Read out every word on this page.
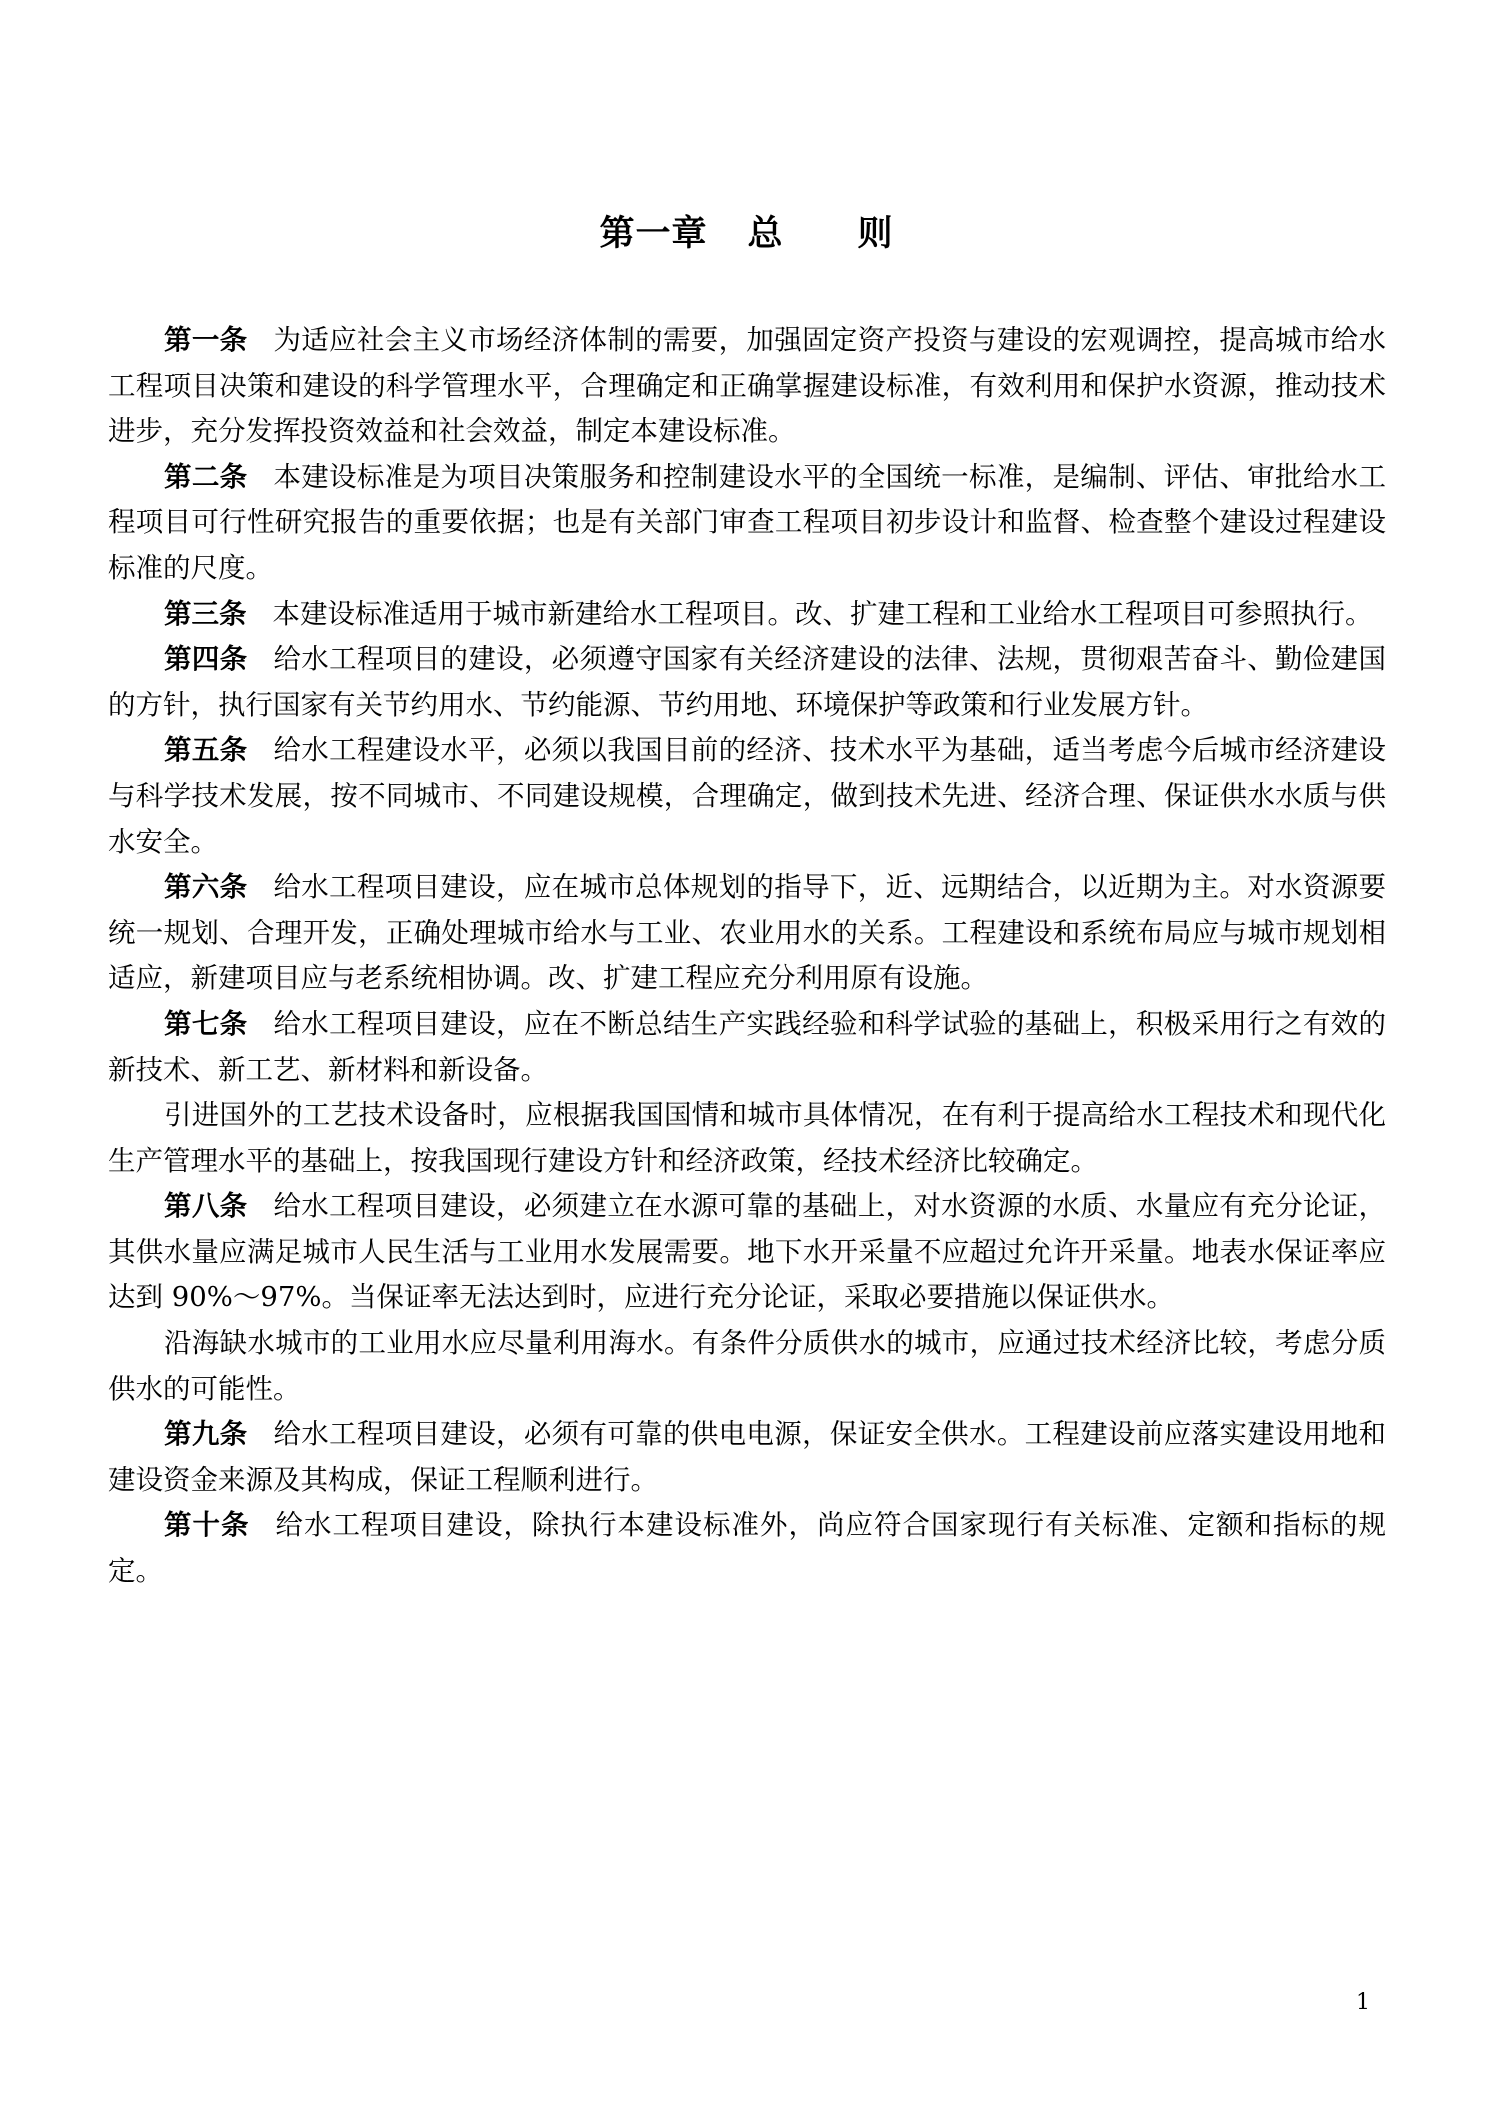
第一章 总 则

第一条 为适应社会主义市场经济体制的需要，加强固定资产投资与建设的宏观调控，提高城市给水工程项目决策和建设的科学管理水平，合理确定和正确掌握建设标准，有效利用和保护水资源，推动技术进步，充分发挥投资效益和社会效益，制定本建设标准。

第二条 本建设标准是为项目决策服务和控制建设水平的全国统一标准，是编制、评估、审批给水工程项目可行性研究报告的重要依据；也是有关部门审查工程项目初步设计和监督、检查整个建设过程建设标准的尺度。

第三条 本建设标准适用于城市新建给水工程项目。改、扩建工程和工业给水工程项目可参照执行。

第四条 给水工程项目的建设，必须遵守国家有关经济建设的法律、法规，贯彻艰苦奋斗、勤俭建国的方针，执行国家有关节约用水、节约能源、节约用地、环境保护等政策和行业发展方针。

第五条 给水工程建设水平，必须以我国目前的经济、技术水平为基础，适当考虑今后城市经济建设与科学技术发展，按不同城市、不同建设规模，合理确定，做到技术先进、经济合理、保证供水水质与供水安全。

第六条 给水工程项目建设，应在城市总体规划的指导下，近、远期结合，以近期为主。对水资源要统一规划、合理开发，正确处理城市给水与工业、农业用水的关系。工程建设和系统布局应与城市规划相适应，新建项目应与老系统相协调。改、扩建工程应充分利用原有设施。

第七条 给水工程项目建设，应在不断总结生产实践经验和科学试验的基础上，积极采用行之有效的新技术、新工艺、新材料和新设备。

引进国外的工艺技术设备时，应根据我国国情和城市具体情况，在有利于提高给水工程技术和现代化生产管理水平的基础上，按我国现行建设方针和经济政策，经技术经济比较确定。

第八条 给水工程项目建设，必须建立在水源可靠的基础上，对水资源的水质、水量应有充分论证，其供水量应满足城市人民生活与工业用水发展需要。地下水开采量不应超过允许开采量。地表水保证率应达到 90%～97%。当保证率无法达到时，应进行充分论证，采取必要措施以保证供水。

沿海缺水城市的工业用水应尽量利用海水。有条件分质供水的城市，应通过技术经济比较，考虑分质供水的可能性。

第九条 给水工程项目建设，必须有可靠的供电电源，保证安全供水。工程建设前应落实建设用地和建设资金来源及其构成，保证工程顺利进行。

第十条 给水工程项目建设，除执行本建设标准外，尚应符合国家现行有关标准、定额和指标的规定。

1
